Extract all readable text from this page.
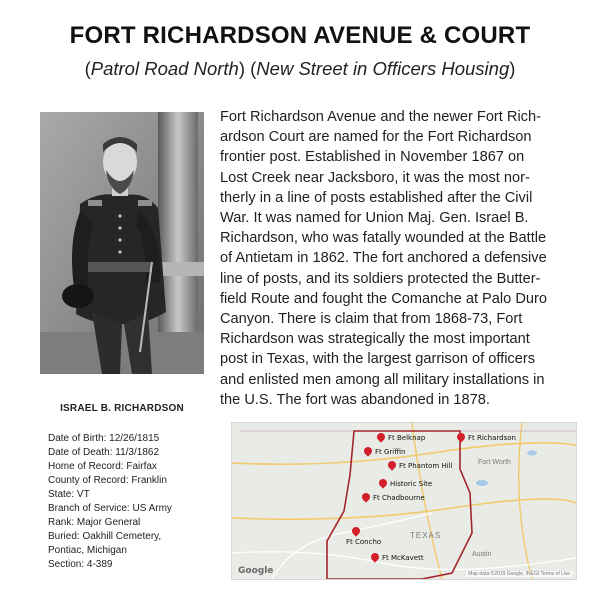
FORT RICHARDSON AVENUE & COURT
(Patrol Road North) (New Street in Officers Housing)
ISRAEL B. RICHARDSON
Date of Birth: 12/26/1815
Date of Death: 11/3/1862
Home of Record: Fairfax
County of Record: Franklin
State: VT
Branch of Service: US Army
Rank: Major General
Buried: Oakhill Cemetery,
Pontiac, Michigan
Section: 4-389
Fort Richardson Avenue and the newer Fort Rich-
ardson Court are named for the Fort Richardson
frontier post. Established in November 1867 on
Lost Creek near Jacksboro, it was the most nor-
therly in a line of posts established after the Civil
War. It was named for Union Maj. Gen. Israel B.
Richardson, who was fatally wounded at the Battle
of Antietam in 1862. The fort anchored a defensive
line of posts, and its soldiers protected the Butter-
field Route and fought the Comanche at Palo Duro
Canyon. There is claim that from 1868-73, Fort
Richardson was strategically the most important
post in Texas, with the largest garrison of officers
and enlisted men among all military installations in
the U.S. The fort was abandoned in 1878.
Fort Worth
TEXAS
Austin
Ft Belknap	Ft Richardson
Ft Griffin
Ft Phantom Hill
Historic Site
Ft Chadbourne
Ft Concho
Ft McKavett
Google	Map data ©2019 Google, INEGI Terms of Use
